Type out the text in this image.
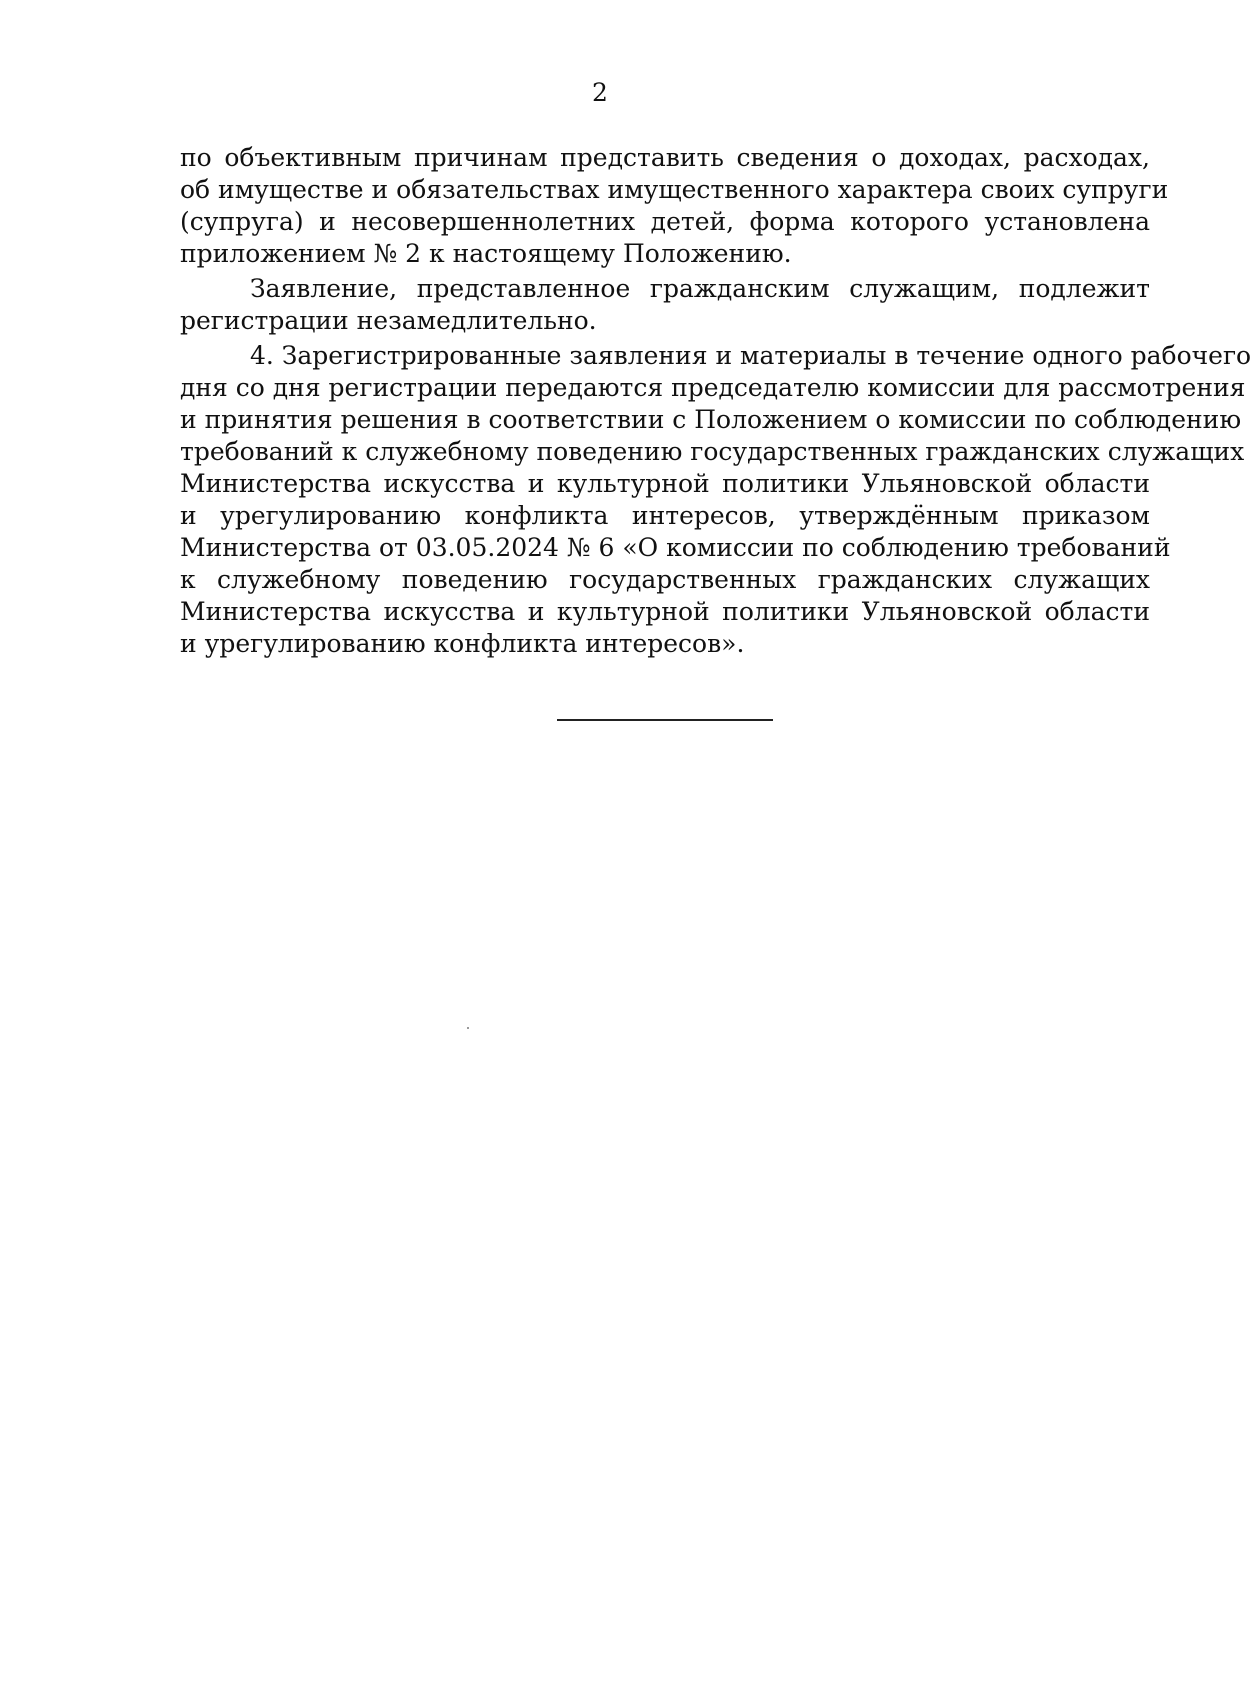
2
по объективным причинам представить сведения о доходах, расходах,
об имуществе и обязательствах имущественного характера своих супруги
(супруга) и несовершеннолетних детей, форма которого установлена
приложением № 2 к настоящему Положению.
Заявление, представленное гражданским служащим, подлежит
регистрации незамедлительно.
4. Зарегистрированные заявления и материалы в течение одного рабочего
дня со дня регистрации передаются председателю комиссии для рассмотрения
и принятия решения в соответствии с Положением о комиссии по соблюдению
требований к служебному поведению государственных гражданских служащих
Министерства искусства и культурной политики Ульяновской области
и урегулированию конфликта интересов, утверждённым приказом
Министерства от 03.05.2024 № 6 «О комиссии по соблюдению требований
к служебному поведению государственных гражданских служащих
Министерства искусства и культурной политики Ульяновской области
и урегулированию конфликта интересов».
